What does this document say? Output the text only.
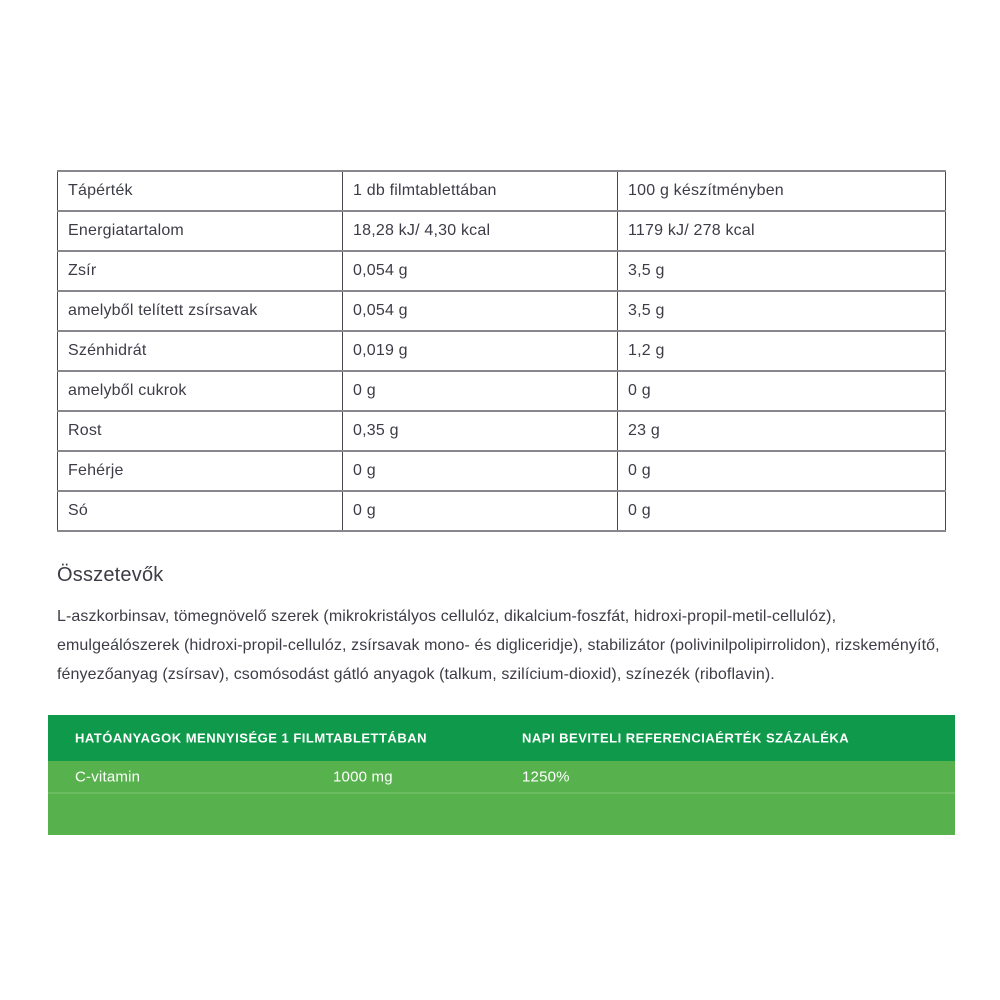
Tápérték	1 db filmtablettában	100 g készítményben
Energiatartalom	18,28 kJ/ 4,30 kcal	1179 kJ/ 278 kcal
Zsír	0,054 g	3,5 g
amelyből telített zsírsavak	0,054 g	3,5 g
Szénhidrát	0,019 g	1,2 g
amelyből cukrok	0 g	0 g
Rost	0,35 g	23 g
Fehérje	0 g	0 g
Só	0 g	0 g
Összetevők
L-aszkorbinsav, tömegnövelő szerek (mikrokristályos cellulóz, dikalcium-foszfát, hidroxi-propil-metil-cellulóz), emulgeálószerek (hidroxi-propil-cellulóz, zsírsavak mono- és digliceridje), stabilizátor (polivinilpolipirrolidon), rizskeményítő, fényezőanyag (zsírsav), csomósodást gátló anyagok (talkum, szilícium-dioxid), színezék (riboflavin).
HATÓANYAGOK MENNYISÉGE 1 FILMTABLETTÁBAN	NAPI BEVITELI REFERENCIAÉRTÉK SZÁZALÉKA
C-vitamin	1000 mg	1250%
